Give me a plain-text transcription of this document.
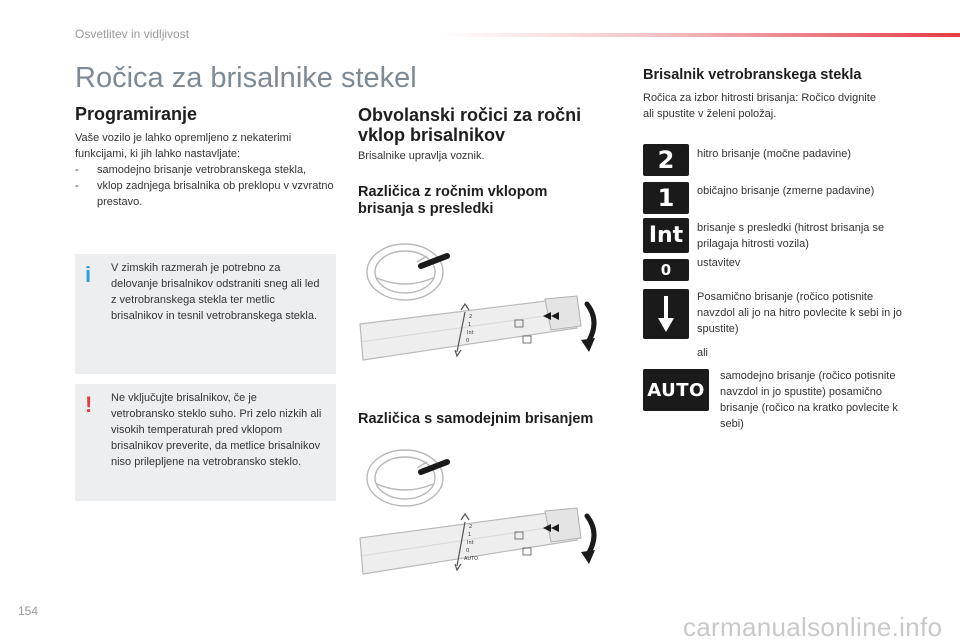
Osvetlitev in vidljivost
Ročica za brisalnike stekel
Programiranje
Vaše vozilo je lahko opremljeno z nekaterimi funkcijami, ki jih lahko nastavljate:
- samodejno brisanje vetrobranskega stekla,
- vklop zadnjega brisalnika ob preklopu v vzvratno prestavo.
i V zimskih razmerah je potrebno za delovanje brisalnikov odstraniti sneg ali led z vetrobranskega stekla ter metlic brisalnikov in tesnil vetrobranskega stekla.
! Ne vključujte brisalnikov, če je vetrobransko steklo suho. Pri zelo nizkih ali visokih temperaturah pred vklopom brisalnikov preverite, da metlice brisalnikov niso prilepljene na vetrobransko steklo.
Obvolanski ročici za ročni
vklop brisalnikov
Brisalnike upravlja voznik.
Različica z ročnim vklopom
brisanja s presledki
2
1
Int
0
Različica s samodejnim brisanjem
2
1
Int
0
AUTO
Brisalnik vetrobranskega stekla
Ročica za izbor hitrosti brisanja: Ročico dvignite ali spustite v želeni položaj.
2	hitro brisanje (močne padavine)
1	običajno brisanje (zmerne padavine)
Int	brisanje s presledki (hitrost brisanja se prilagaja hitrosti vozila)
0	ustavitev
Posamično brisanje (ročico potisnite navzdol ali jo na hitro povlecite k sebi in jo spustite)
ali
AUTO
samodejno brisanje (ročico potisnite navzdol in jo spustite) posamično brisanje (ročico na kratko povlecite k sebi)
154
carmanualsonline.info
